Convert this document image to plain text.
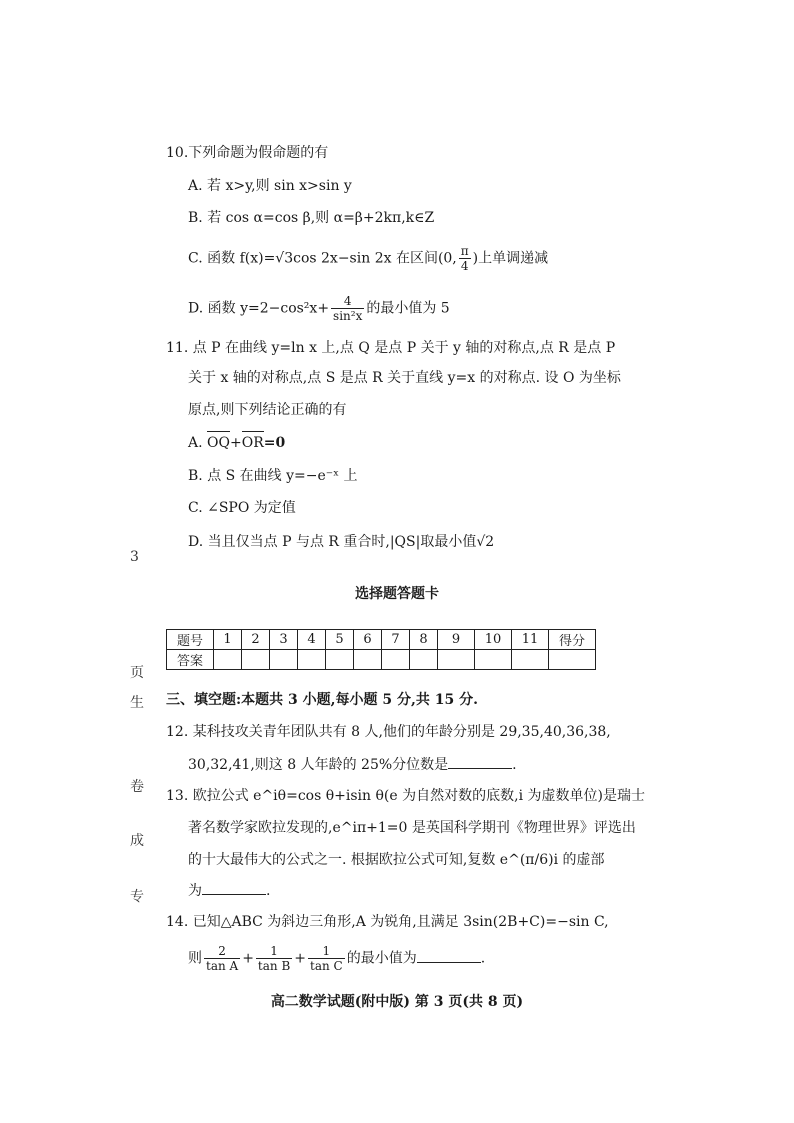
10.下列命题为假命题的有
A. 若 x>y,则 sin x>sin y
B. 若 cos α=cos β,则 α=β+2kπ,k∈Z
C. 函数 f(x)=√3cos 2x−sin 2x 在区间(0, $\frac{\pi}{4}$ )上单调递减
D. 函数 $y=2-\cos^2x+ \frac{4}{\text{sin²x}}$ 的最小值为 5
11. 点 P 在曲线 y=ln x 上,点 Q 是点 P 关于 y 轴的对称点,点 R 是点 P
关于 x 轴的对称点,点 S 是点 R 关于直线 y=x 的对称点. 设 O 为坐标
原点,则下列结论正确的有
A. OQ+OR=0
B. 点 S 在曲线 y=−e⁻ˣ 上
C. ∠SPO 为定值
D. 当且仅当点 P 与点 R 重合时,|QS|取最小值√2
选择题答题卡
题号	1	2	3	4	5	6	7	8	9	10	11	得分
答案												
三、填空题:本题共 3 小题,每小题 5 分,共 15 分.
12. 某科技攻关青年团队共有 8 人,他们的年龄分别是 29,35,40,36,38,
30,32,41,则这 8 人年龄的 25%分位数是	.
13. 欧拉公式 e^iθ=cos θ+isin θ(e 为自然对数的底数,i 为虚数单位)是瑞士
著名数学家欧拉发现的,e^iπ+1=0 是英国科学期刊《物理世界》评选出
的十大最伟大的公式之一. 根据欧拉公式可知,复数 e^(π/6)i 的虚部
为	.
14. 已知△ABC 为斜边三角形,A 为锐角,且满足 3sin(2B+C)=−sin C,
则 $\frac{2}{\text{tan A}} + \frac{1}{\text{tan B}} + \frac{1}{\text{tan C}}$ 的最小值为	.
3
页
生
卷
成
专
高二数学试题(附中版) 第 3 页(共 8 页)
